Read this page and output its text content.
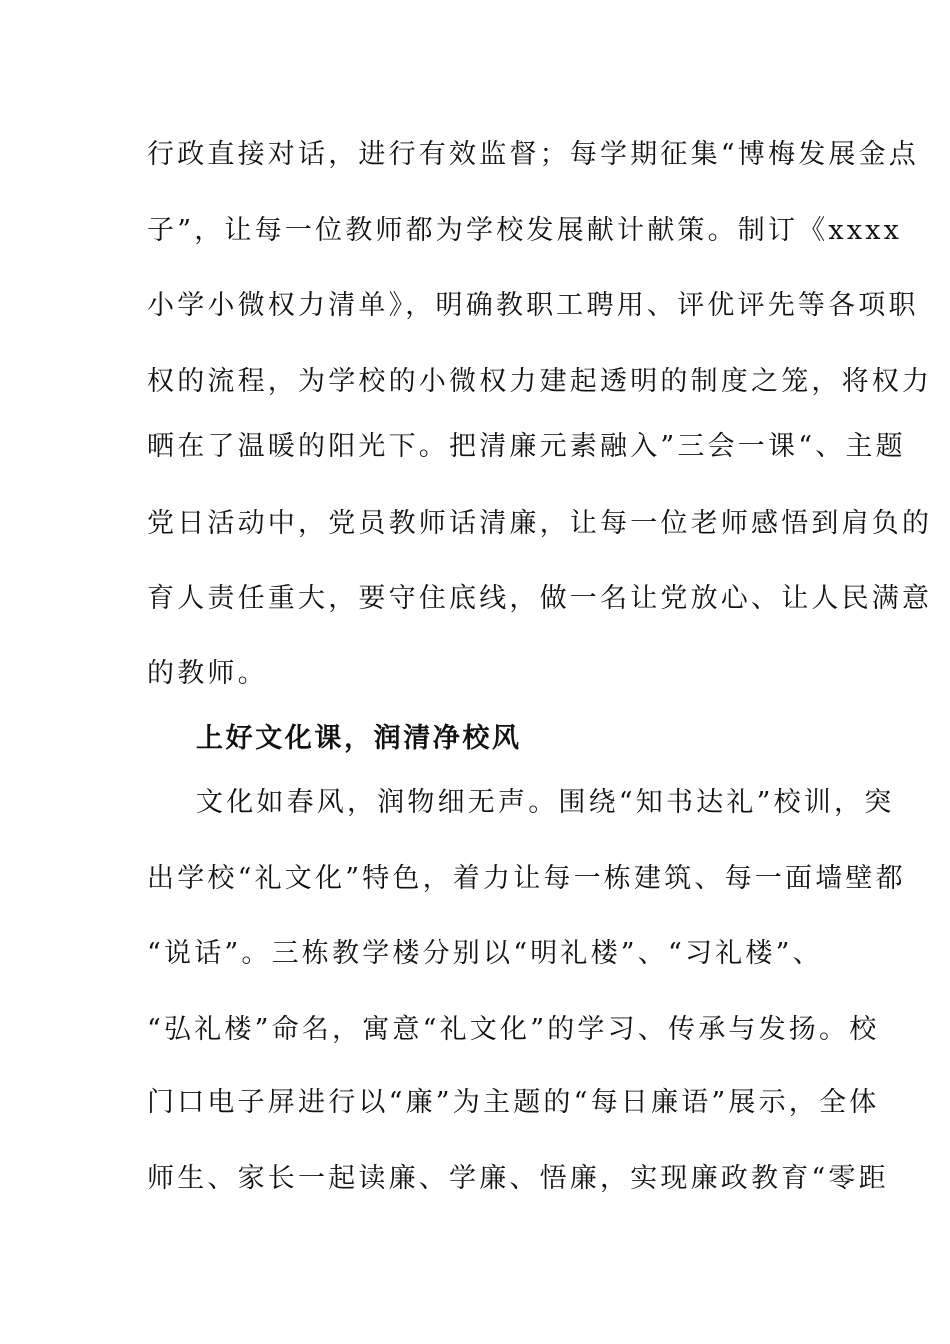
行政直接对话，进行有效监督；每学期征集“博梅发展金点
子”，让每一位教师都为学校发展献计献策。制订《xxxx
小学小微权力清单》，明确教职工聘用、评优评先等各项职
权的流程，为学校的小微权力建起透明的制度之笼，将权力
晒在了温暖的阳光下。把清廉元素融入”三会一课“、主题
党日活动中，党员教师话清廉，让每一位老师感悟到肩负的
育人责任重大，要守住底线，做一名让党放心、让人民满意
的教师。
上好文化课，润清净校风
文化如春风，润物细无声。围绕“知书达礼”校训，突
出学校“礼文化”特色，着力让每一栋建筑、每一面墙壁都
“说话”。三栋教学楼分别以“明礼楼”、“习礼楼”、
“弘礼楼”命名，寓意“礼文化”的学习、传承与发扬。校
门口电子屏进行以“廉”为主题的“每日廉语”展示，全体
师生、家长一起读廉、学廉、悟廉，实现廉政教育“零距
